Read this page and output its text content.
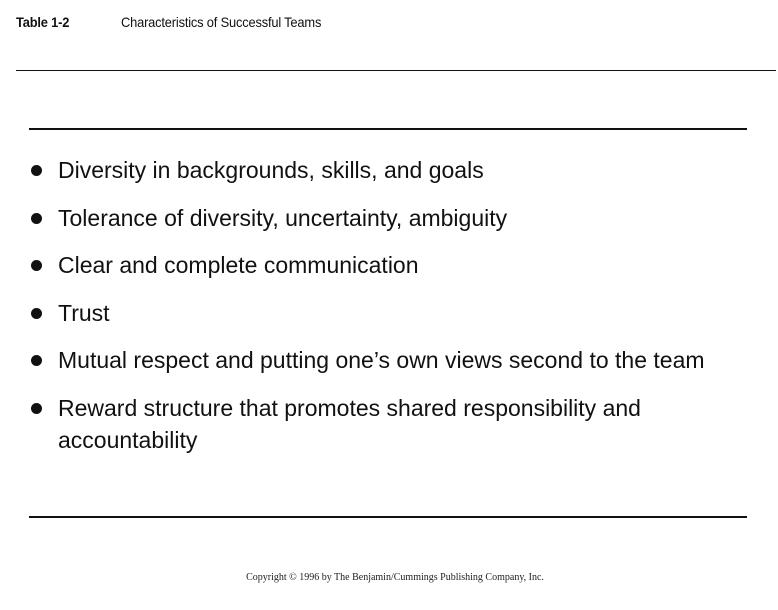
Table 1-2	Characteristics of Successful Teams
Diversity in backgrounds, skills, and goals
Tolerance of diversity, uncertainty, ambiguity
Clear and complete communication
Trust
Mutual respect and putting one’s own views second to the team
Reward structure that promotes shared responsibility and accountability
Copyright © 1996 by The Benjamin/Cummings Publishing Company, Inc.
